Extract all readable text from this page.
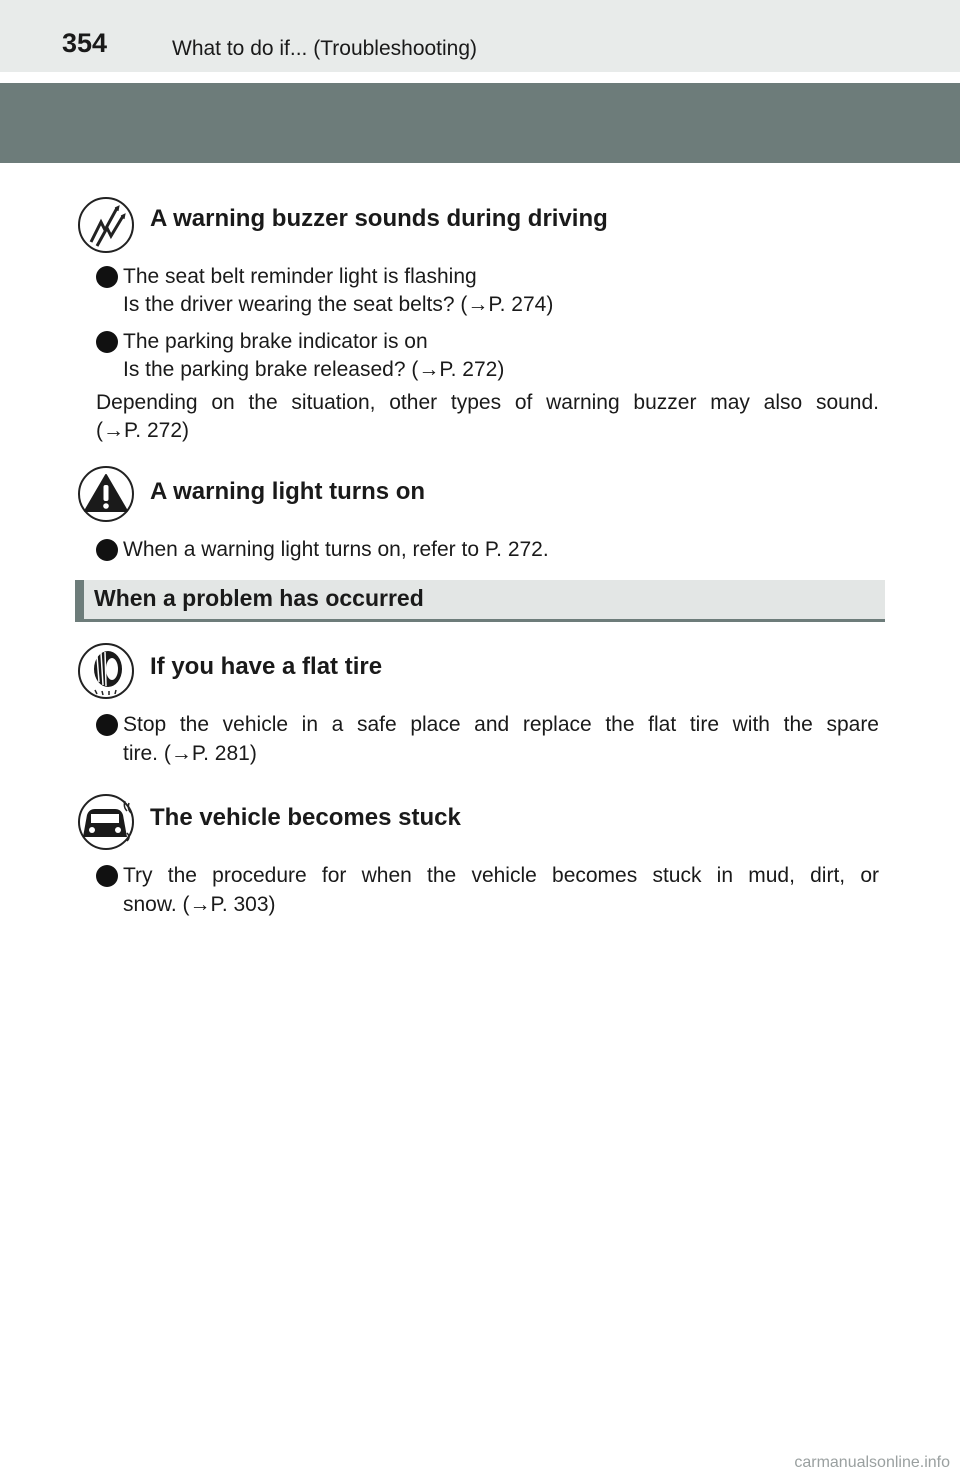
354	What to do if... (Troubleshooting)
A warning buzzer sounds during driving
The seat belt reminder light is flashing
Is the driver wearing the seat belts? (→P. 274)
The parking brake indicator is on
Is the parking brake released? (→P. 272)
Depending on the situation, other types of warning buzzer may also sound.
(→P. 272)
A warning light turns on
When a warning light turns on, refer to P. 272.
When a problem has occurred
If you have a flat tire
Stop the vehicle in a safe place and replace the flat tire with the spare
tire. (→P. 281)
The vehicle becomes stuck
Try the procedure for when the vehicle becomes stuck in mud, dirt, or
snow. (→P. 303)
carmanualsonline.info
